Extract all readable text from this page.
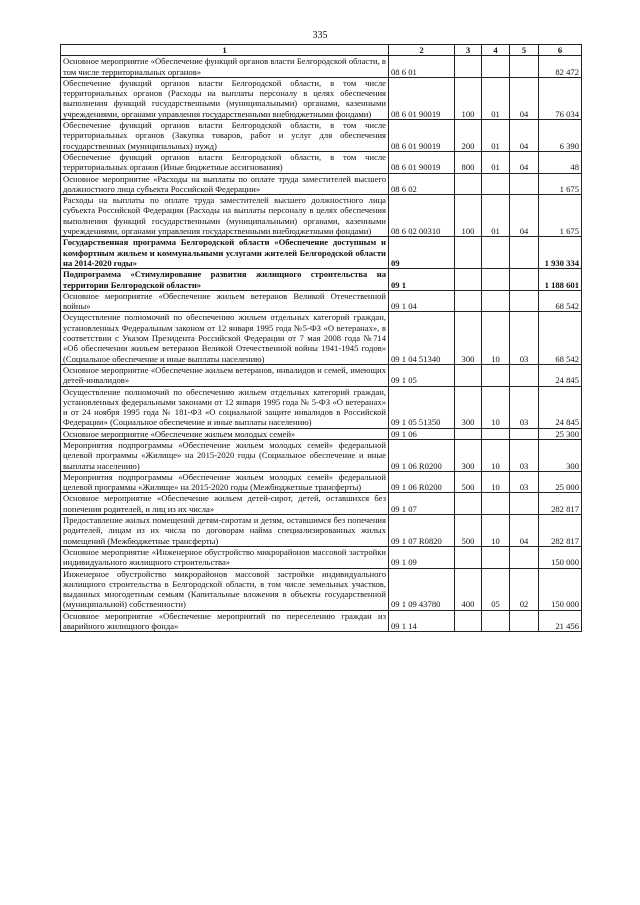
335
1	2	3	4	5	6
Основное мероприятие «Обеспечение функций органов власти Белгородской области, в том числе территориальных органов»	08 6 01				82 472
Обеспечение функций органов власти Белгородской области, в том числе территориальных органов (Расходы на выплаты персоналу в целях обеспечения выполнения функций государственными (муниципальными) органами, казенными учреждениями, органами управления государственными внебюджетными фондами)	08 6 01 90019	100	01	04	76 034
Обеспечение функций органов власти Белгородской области, в том числе территориальных органов (Закупка товаров, работ и услуг для обеспечения государственных (муниципальных) нужд)	08 6 01 90019	200	01	04	6 390
Обеспечение функций органов власти Белгородской области, в том числе территориальных органов (Иные бюджетные ассигнования)	08 6 01 90019	800	01	04	48
Основное мероприятие «Расходы на выплаты по оплате труда заместителей высшего должностного лица субъекта Российской Федерации»	08 6 02				1 675
Расходы на выплаты по оплате труда заместителей высшего должностного лица субъекта Российской Федерации (Расходы на выплаты персоналу в целях обеспечения выполнения функций государственными (муниципальными) органами, казенными учреждениями, органами управления государственными внебюджетными фондами)	08 6 02 00310	100	01	04	1 675
Государственная программа Белгородской области «Обеспечение доступным и комфортным жильем и коммунальными услугами жителей Белгородской области на 2014-2020 годы»	09				1 930 334
Подпрограмма «Стимулирование развития жилищного строительства на территории Белгородской области»	09 1				1 188 601
Основное мероприятие «Обеспечение жильем ветеранов Великой Отечественной войны»	09 1 04				68 542
Осуществление полномочий по обеспечению жильем отдельных категорий граждан, установленных Федеральным законом от 12 января 1995 года №5-ФЗ «О ветеранах», в соответствии с Указом Президента Российской Федерации от 7 мая 2008 года №714 «Об обеспечении жильем ветеранов Великой Отечественной войны 1941-1945 годов» (Социальное обеспечение и иные выплаты населению)	09 1 04 51340	300	10	03	68 542
Основное мероприятие «Обеспечение жильем ветеранов, инвалидов и семей, имеющих детей-инвалидов»	09 1 05				24 845
Осуществление полномочий по обеспечению жильем отдельных категорий граждан, установленных федеральными законами от 12 января 1995 года № 5-ФЗ «О ветеранах» и от 24 ноября 1995 года № 181-ФЗ «О социальной защите инвалидов в Российской Федерации» (Социальное обеспечение и иные выплаты населению)	09 1 05 51350	300	10	03	24 845
Основное мероприятие «Обеспечение жильем молодых семей»	09 1 06				25 300
Мероприятия подпрограммы «Обеспечение жильем молодых семей» федеральной целевой программы «Жилище» на 2015-2020 годы (Социальное обеспечение и иные выплаты населению)	09 1 06 R0200	300	10	03	300
Мероприятия подпрограммы «Обеспечение жильем молодых семей» федеральной целевой программы «Жилище» на 2015-2020 годы (Межбюджетные трансферты)	09 1 06 R0200	500	10	03	25 000
Основное мероприятие «Обеспечение жильем детей-сирот, детей, оставшихся без попечения родителей, и лиц из их числа»	09 1 07				282 817
Предоставление жилых помещений детям-сиротам и детям, оставшимся без попечения родителей, лицам из их числа по договорам найма специализированных жилых помещений (Межбюджетные трансферты)	09 1 07 R0820	500	10	04	282 817
Основное мероприятие «Инженерное обустройство микрорайонов массовой застройки индивидуального жилищного строительства»	09 1 09				150 000
Инженерное обустройство микрорайонов массовой застройки индивидуального жилищного строительства в Белгородской области, в том числе земельных участков, выданных многодетным семьям (Капитальные вложения в объекты государственной (муниципальной) собственности)	09 1 09 43780	400	05	02	150 000
Основное мероприятие «Обеспечение мероприятий по переселению граждан из аварийного жилищного фонда»	09 1 14				21 456
